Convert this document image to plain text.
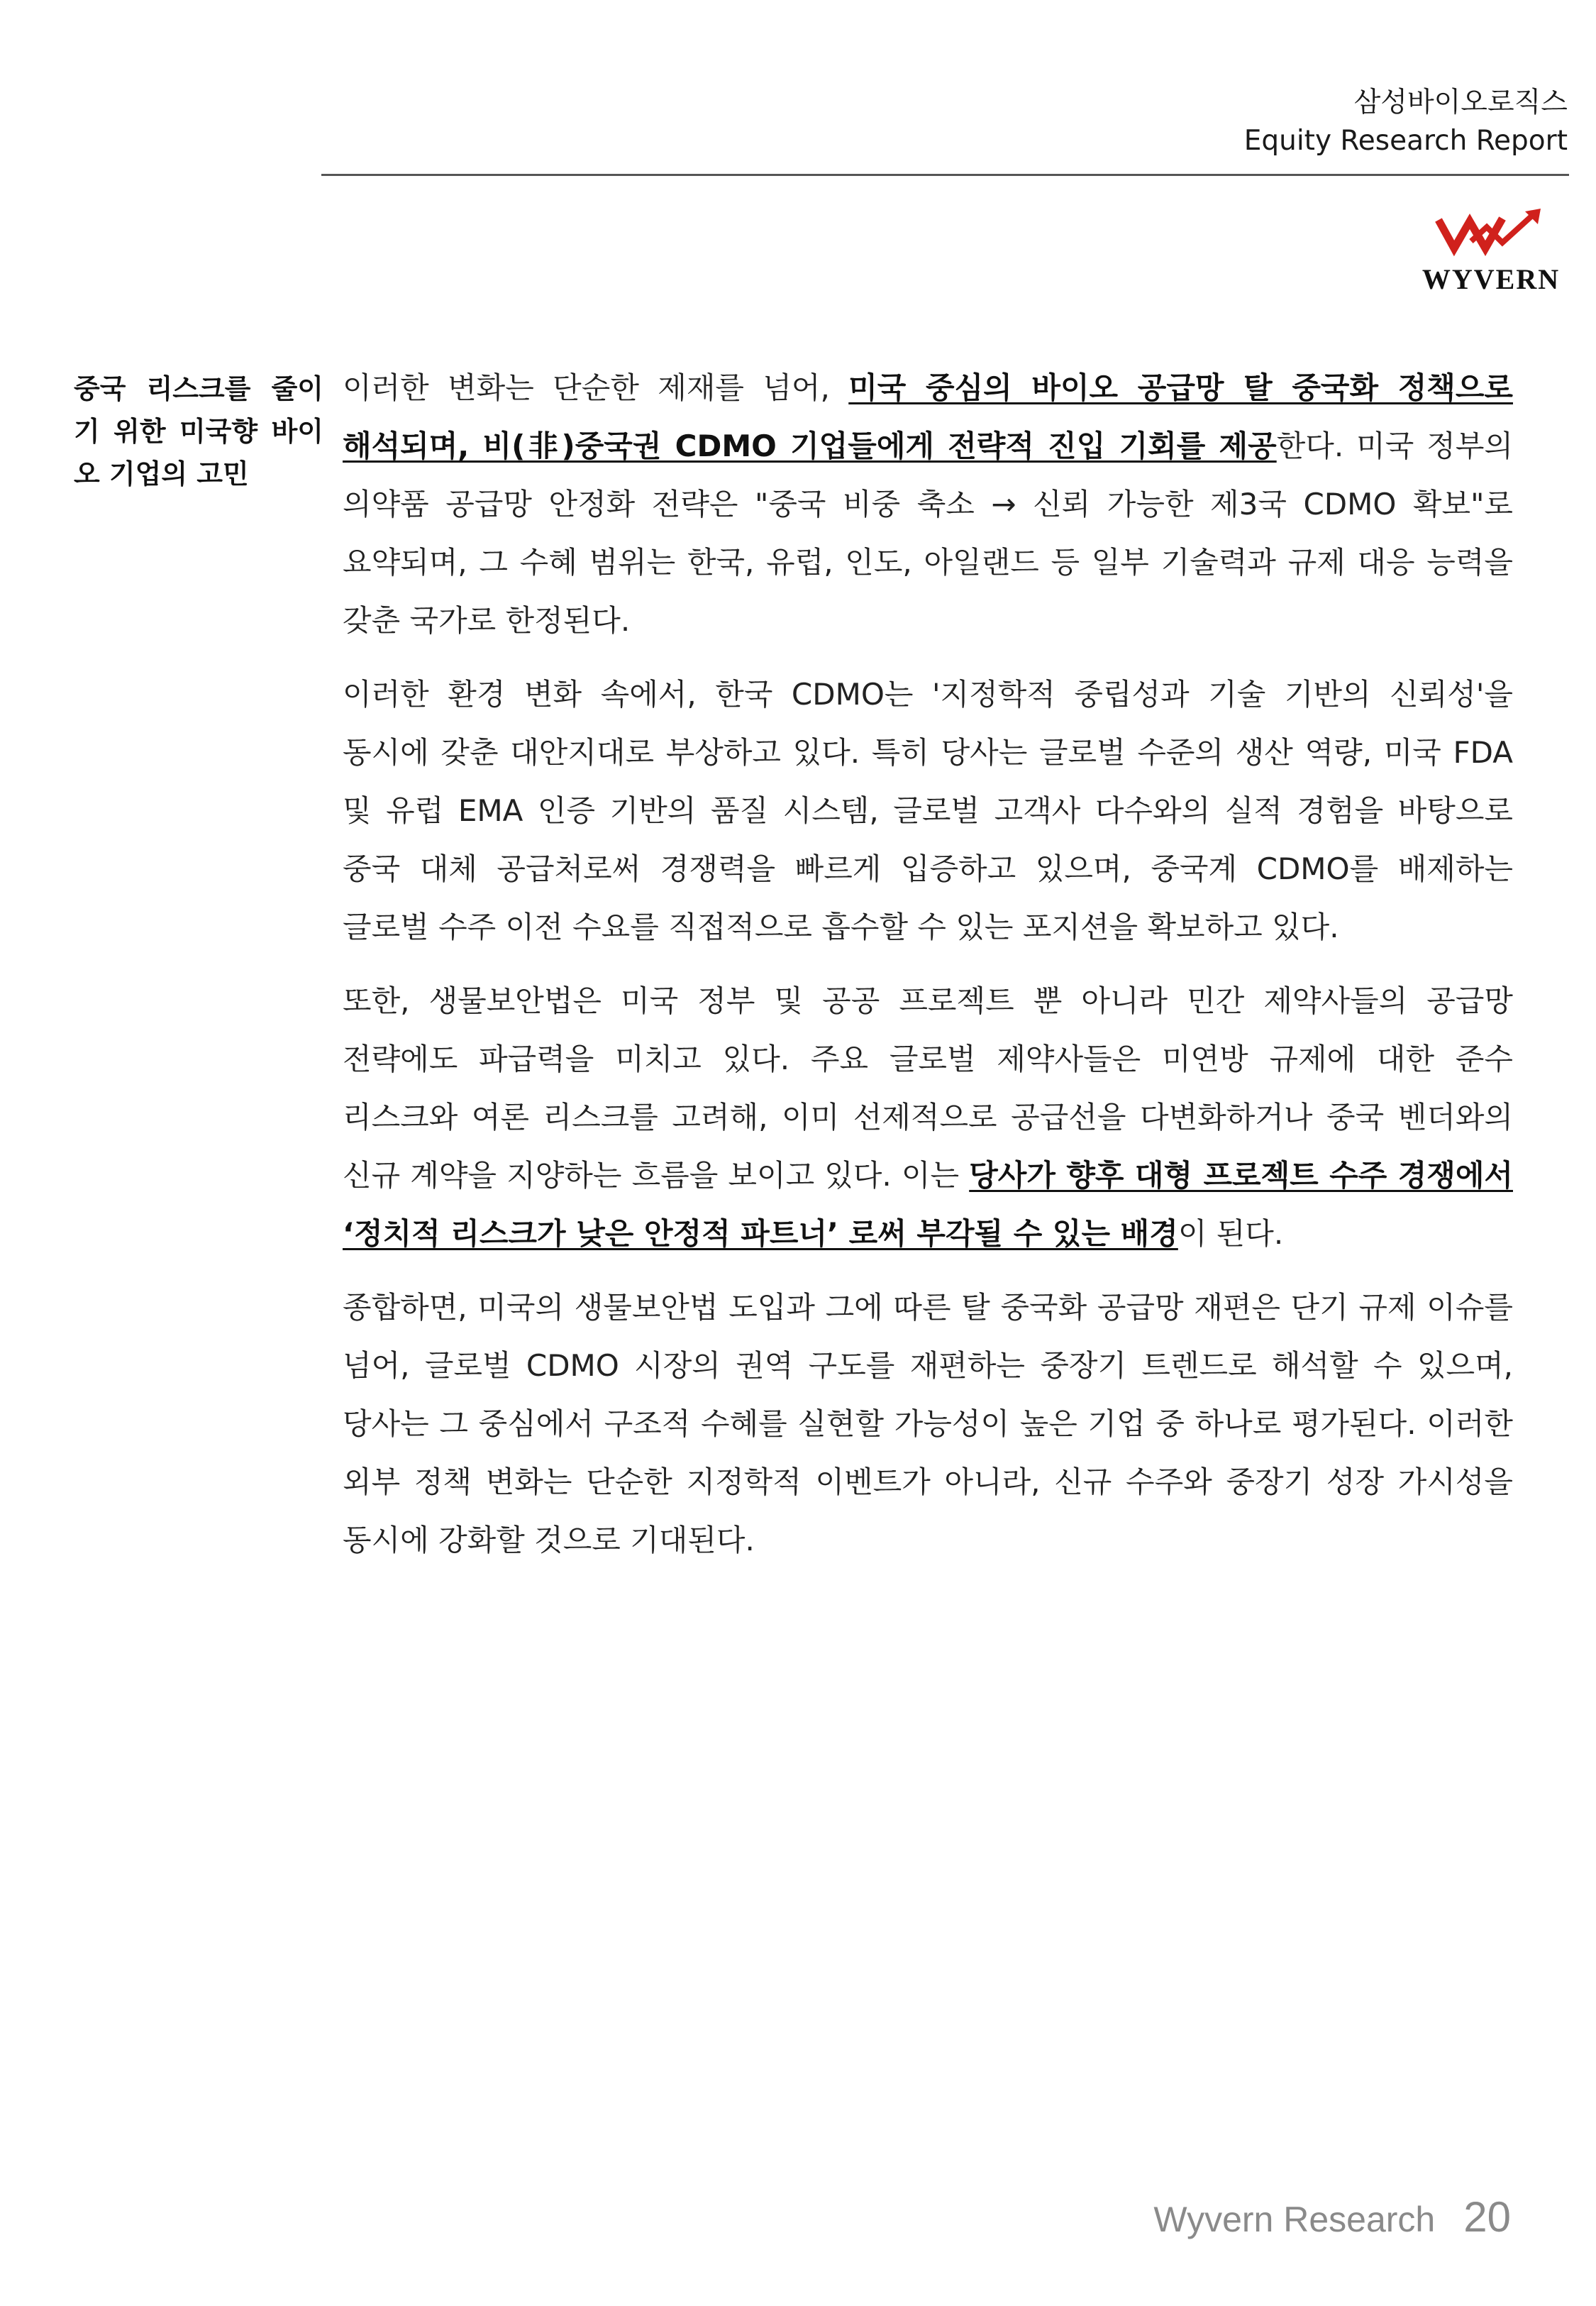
삼성바이오로직스
Equity Research Report
WYVERN
중국 리스크를 줄이기 위한 미국향 바이오 기업의 고민

이러한 변화는 단순한 제재를 넘어, 미국 중심의 바이오 공급망 탈 중국화 정책으로 해석되며, 비(非)중국권 CDMO 기업들에게 전략적 진입 기회를 제공한다. 미국 정부의 의약품 공급망 안정화 전략은 "중국 비중 축소 → 신뢰 가능한 제3국 CDMO 확보"로 요약되며, 그 수혜 범위는 한국, 유럽, 인도, 아일랜드 등 일부 기술력과 규제 대응 능력을 갖춘 국가로 한정된다.

이러한 환경 변화 속에서, 한국 CDMO는 '지정학적 중립성과 기술 기반의 신뢰성'을 동시에 갖춘 대안지대로 부상하고 있다. 특히 당사는 글로벌 수준의 생산 역량, 미국 FDA 및 유럽 EMA 인증 기반의 품질 시스템, 글로벌 고객사 다수와의 실적 경험을 바탕으로 중국 대체 공급처로써 경쟁력을 빠르게 입증하고 있으며, 중국계 CDMO를 배제하는 글로벌 수주 이전 수요를 직접적으로 흡수할 수 있는 포지션을 확보하고 있다.

또한, 생물보안법은 미국 정부 및 공공 프로젝트 뿐 아니라 민간 제약사들의 공급망 전략에도 파급력을 미치고 있다. 주요 글로벌 제약사들은 미연방 규제에 대한 준수 리스크와 여론 리스크를 고려해, 이미 선제적으로 공급선을 다변화하거나 중국 벤더와의 신규 계약을 지양하는 흐름을 보이고 있다. 이는 당사가 향후 대형 프로젝트 수주 경쟁에서 ‘정치적 리스크가 낮은 안정적 파트너’ 로써 부각될 수 있는 배경이 된다.

종합하면, 미국의 생물보안법 도입과 그에 따른 탈 중국화 공급망 재편은 단기 규제 이슈를 넘어, 글로벌 CDMO 시장의 권역 구도를 재편하는 중장기 트렌드로 해석할 수 있으며, 당사는 그 중심에서 구조적 수혜를 실현할 가능성이 높은 기업 중 하나로 평가된다. 이러한 외부 정책 변화는 단순한 지정학적 이벤트가 아니라, 신규 수주와 중장기 성장 가시성을 동시에 강화할 것으로 기대된다.

Wyvern Research 20
